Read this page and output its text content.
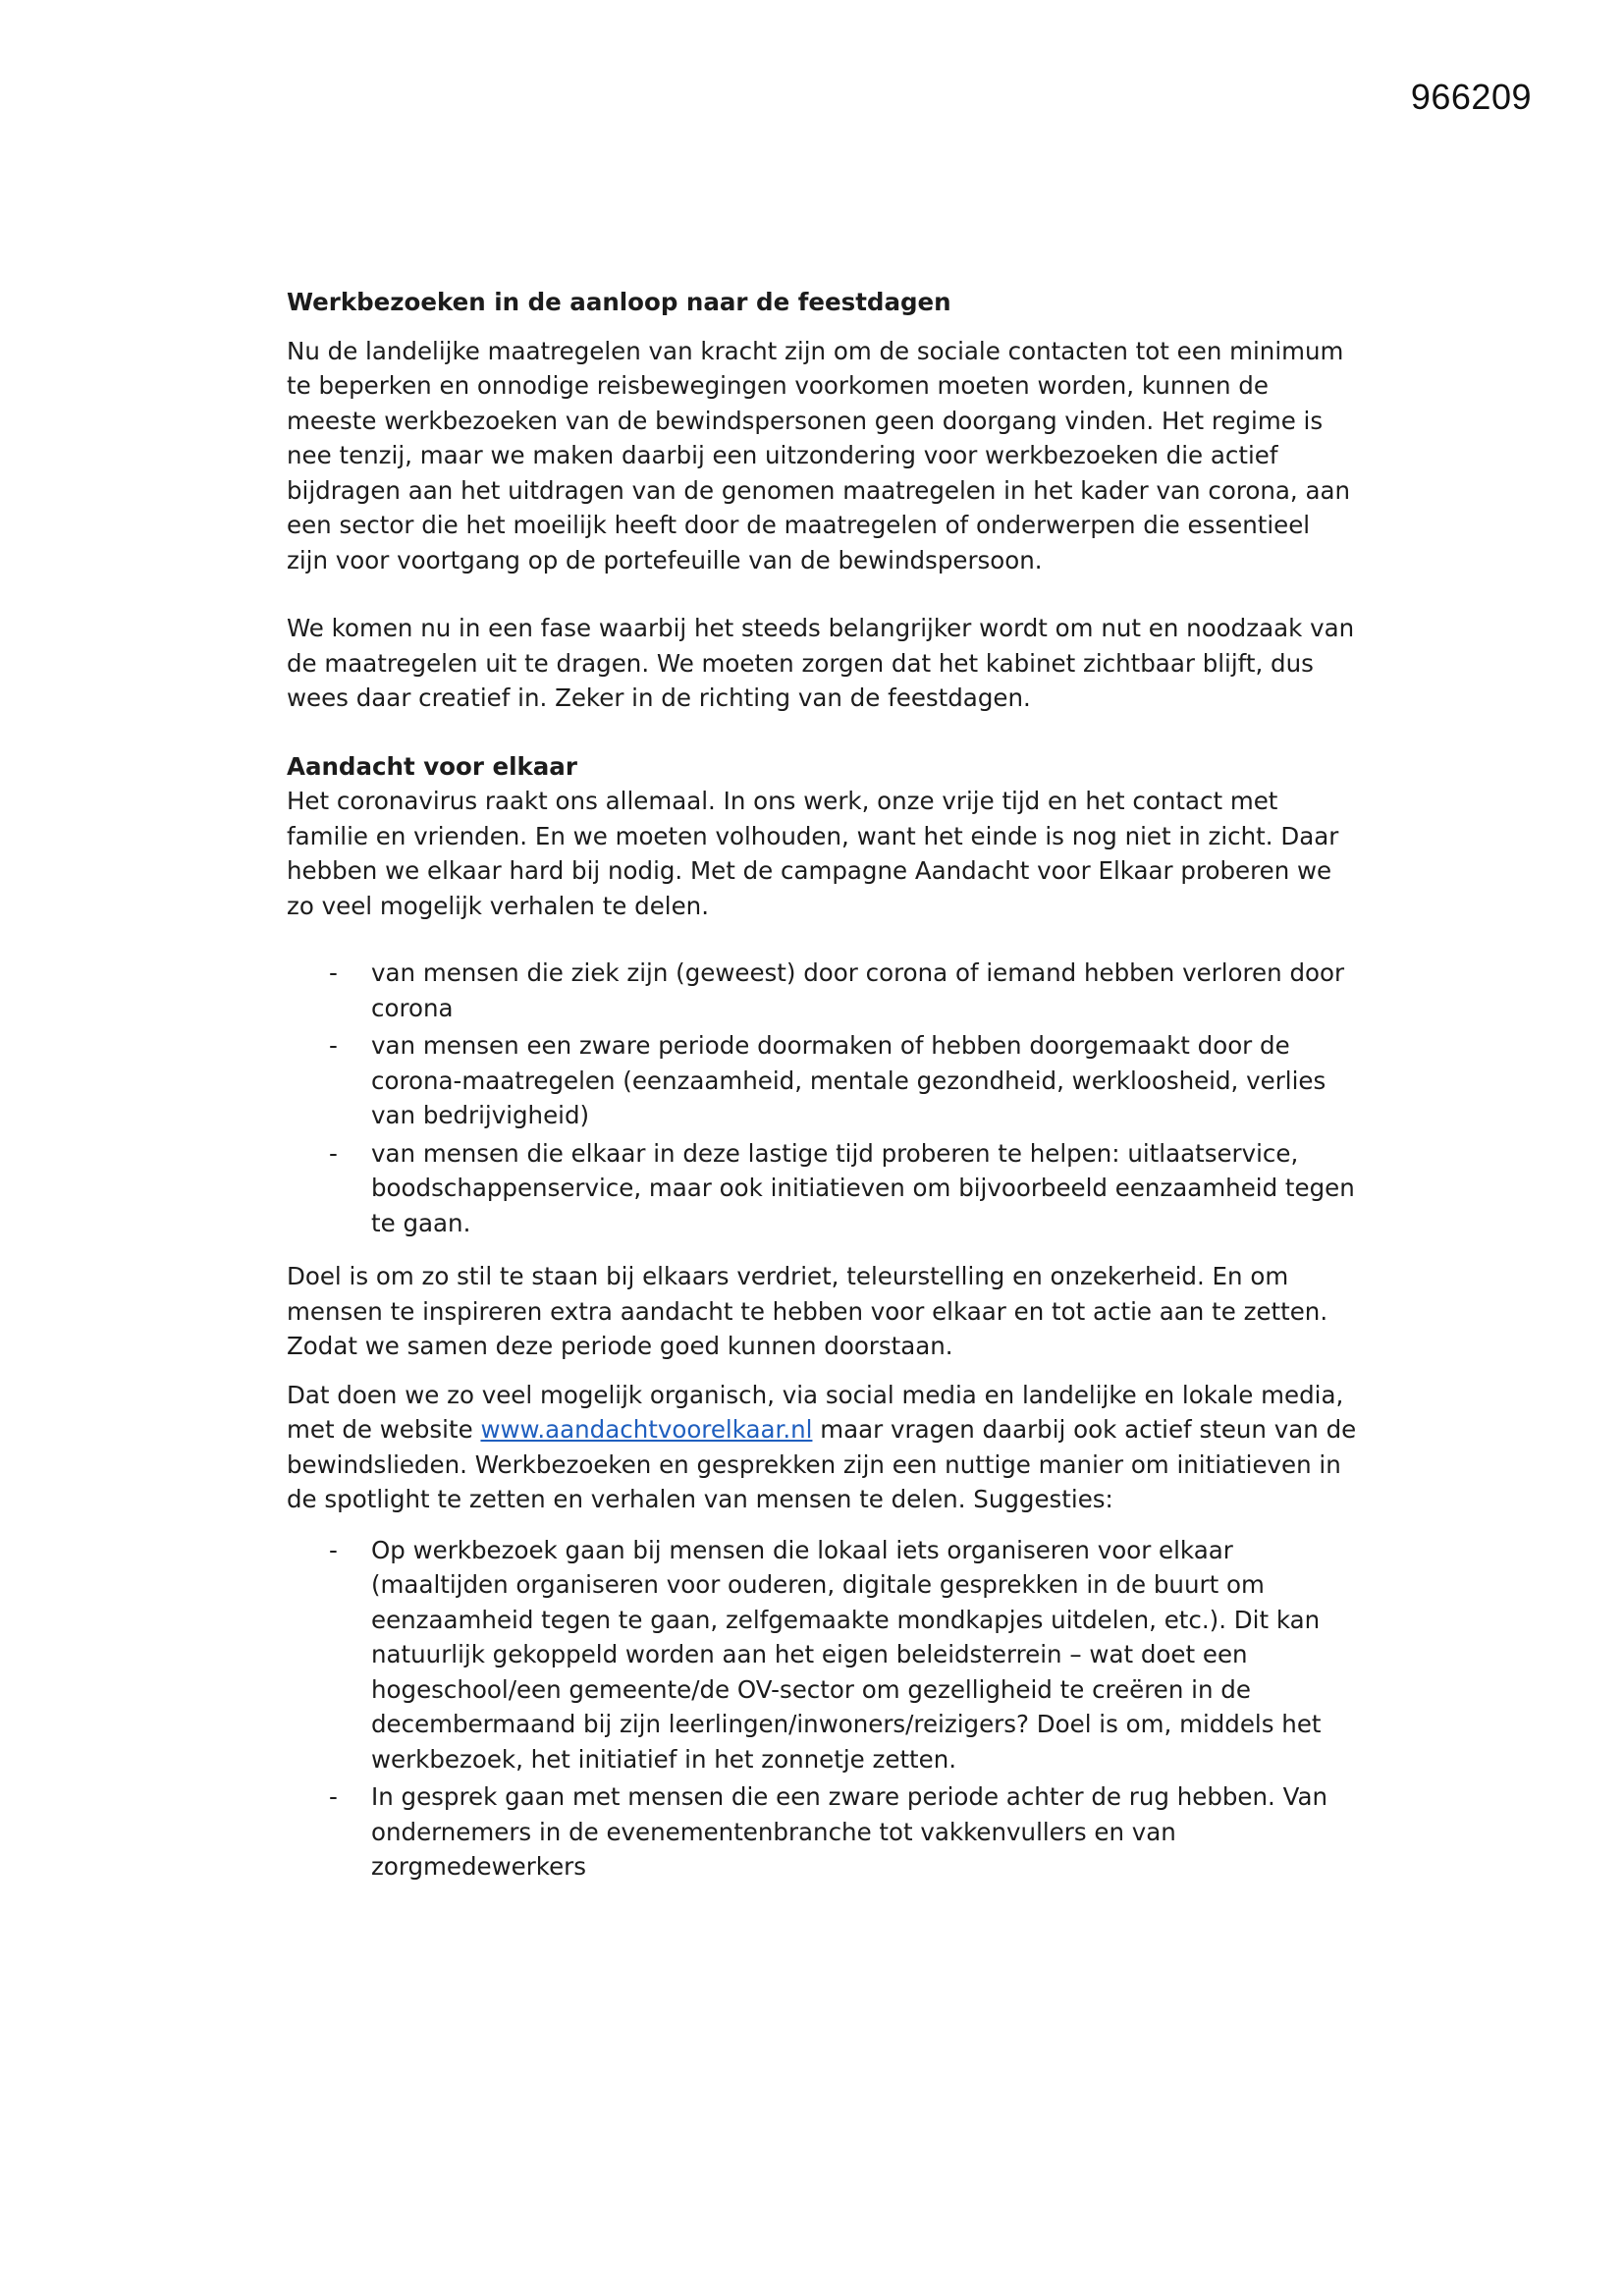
966209
Werkbezoeken in de aanloop naar de feestdagen

Nu de landelijke maatregelen van kracht zijn om de sociale contacten tot een minimum te beperken en onnodige reisbewegingen voorkomen moeten worden, kunnen de meeste werkbezoeken van de bewindspersonen geen doorgang vinden. Het regime is nee tenzij, maar we maken daarbij een uitzondering voor werkbezoeken die actief bijdragen aan het uitdragen van de genomen maatregelen in het kader van corona, aan een sector die het moeilijk heeft door de maatregelen of onderwerpen die essentieel zijn voor voortgang op de portefeuille van de bewindspersoon.

We komen nu in een fase waarbij het steeds belangrijker wordt om nut en noodzaak van de maatregelen uit te dragen. We moeten zorgen dat het kabinet zichtbaar blijft, dus wees daar creatief in. Zeker in de richting van de feestdagen.

Aandacht voor elkaar

Het coronavirus raakt ons allemaal. In ons werk, onze vrije tijd en het contact met familie en vrienden. En we moeten volhouden, want het einde is nog niet in zicht. Daar hebben we elkaar hard bij nodig. Met de campagne Aandacht voor Elkaar proberen we zo veel mogelijk verhalen te delen.

- van mensen die ziek zijn (geweest) door corona of iemand hebben verloren door corona
- van mensen een zware periode doormaken of hebben doorgemaakt door de corona-maatregelen (eenzaamheid, mentale gezondheid, werkloosheid, verlies van bedrijvigheid)
- van mensen die elkaar in deze lastige tijd proberen te helpen: uitlaatservice, boodschappenservice, maar ook initiatieven om bijvoorbeeld eenzaamheid tegen te gaan.

Doel is om zo stil te staan bij elkaars verdriet, teleurstelling en onzekerheid. En om mensen te inspireren extra aandacht te hebben voor elkaar en tot actie aan te zetten. Zodat we samen deze periode goed kunnen doorstaan.

Dat doen we zo veel mogelijk organisch, via social media en landelijke en lokale media, met de website www.aandachtvoorelkaar.nl maar vragen daarbij ook actief steun van de bewindslieden. Werkbezoeken en gesprekken zijn een nuttige manier om initiatieven in de spotlight te zetten en verhalen van mensen te delen. Suggesties:

- Op werkbezoek gaan bij mensen die lokaal iets organiseren voor elkaar (maaltijden organiseren voor ouderen, digitale gesprekken in de buurt om eenzaamheid tegen te gaan, zelfgemaakte mondkapjes uitdelen, etc.). Dit kan natuurlijk gekoppeld worden aan het eigen beleidsterrein – wat doet een hogeschool/een gemeente/de OV-sector om gezelligheid te creëren in de decembermaand bij zijn leerlingen/inwoners/reizigers? Doel is om, middels het werkbezoek, het initiatief in het zonnetje zetten.
- In gesprek gaan met mensen die een zware periode achter de rug hebben. Van ondernemers in de evenementenbranche tot vakkenvullers en van zorgmedewerkers
